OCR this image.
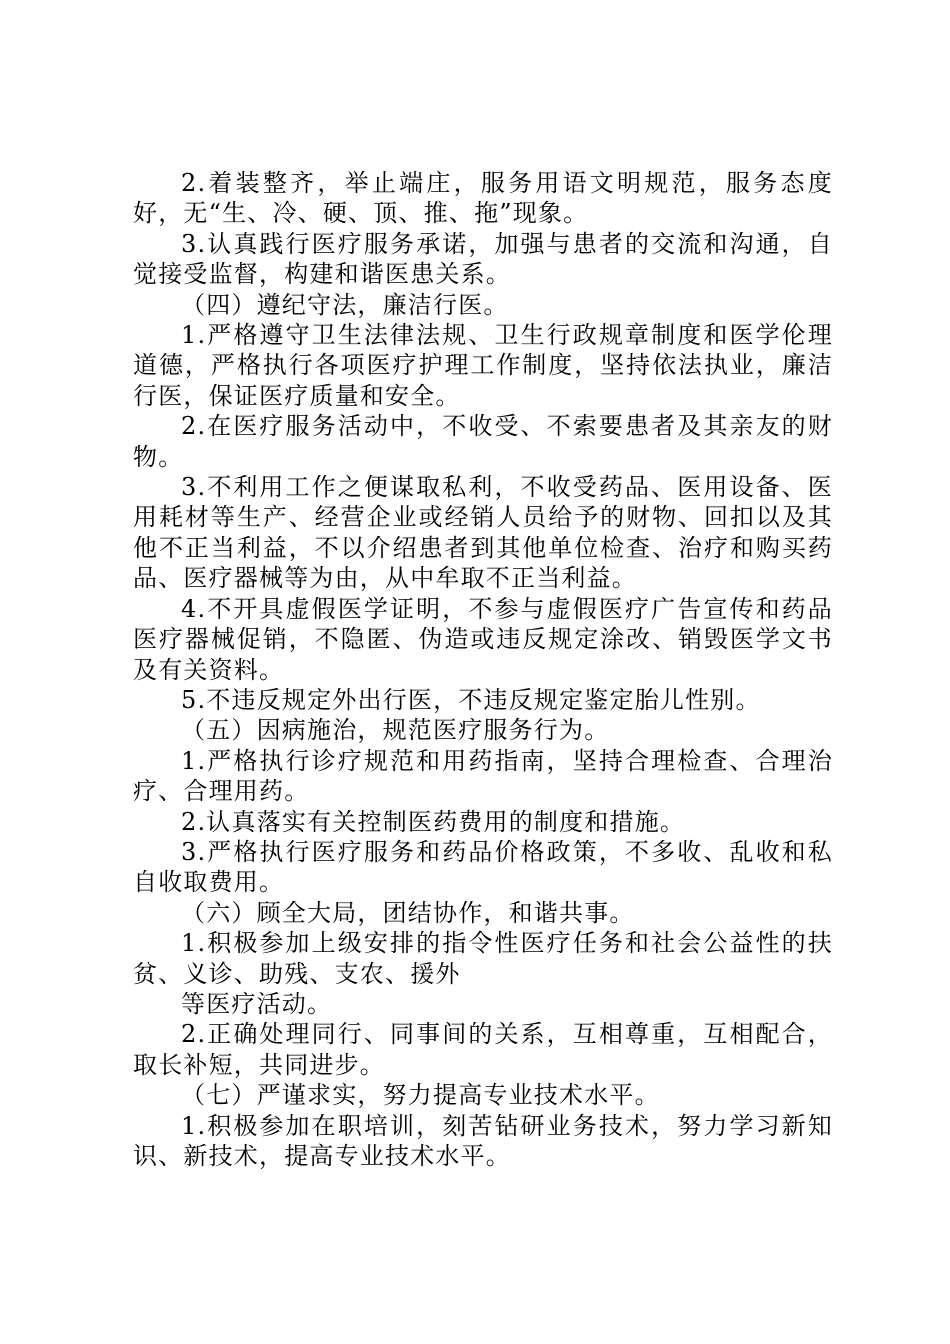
2.着装整齐，举止端庄，服务用语文明规范，服务态度好，无“生、冷、硬、顶、推、拖”现象。

3.认真践行医疗服务承诺，加强与患者的交流和沟通，自觉接受监督，构建和谐医患关系。

（四）遵纪守法，廉洁行医。

1.严格遵守卫生法律法规、卫生行政规章制度和医学伦理道德，严格执行各项医疗护理工作制度，坚持依法执业，廉洁行医，保证医疗质量和安全。

2.在医疗服务活动中，不收受、不索要患者及其亲友的财物。

3.不利用工作之便谋取私利，不收受药品、医用设备、医用耗材等生产、经营企业或经销人员给予的财物、回扣以及其他不正当利益，不以介绍患者到其他单位检查、治疗和购买药品、医疗器械等为由，从中牟取不正当利益。

4.不开具虚假医学证明，不参与虚假医疗广告宣传和药品医疗器械促销，不隐匿、伪造或违反规定涂改、销毁医学文书及有关资料。

5.不违反规定外出行医，不违反规定鉴定胎儿性别。

（五）因病施治，规范医疗服务行为。

1.严格执行诊疗规范和用药指南，坚持合理检查、合理治疗、合理用药。

2.认真落实有关控制医药费用的制度和措施。

3.严格执行医疗服务和药品价格政策，不多收、乱收和私自收取费用。

（六）顾全大局，团结协作，和谐共事。

1.积极参加上级安排的指令性医疗任务和社会公益性的扶贫、义诊、助残、支农、援外

等医疗活动。

2.正确处理同行、同事间的关系，互相尊重，互相配合，取长补短，共同进步。

（七）严谨求实，努力提高专业技术水平。

1.积极参加在职培训，刻苦钻研业务技术，努力学习新知识、新技术，提高专业技术水平。
